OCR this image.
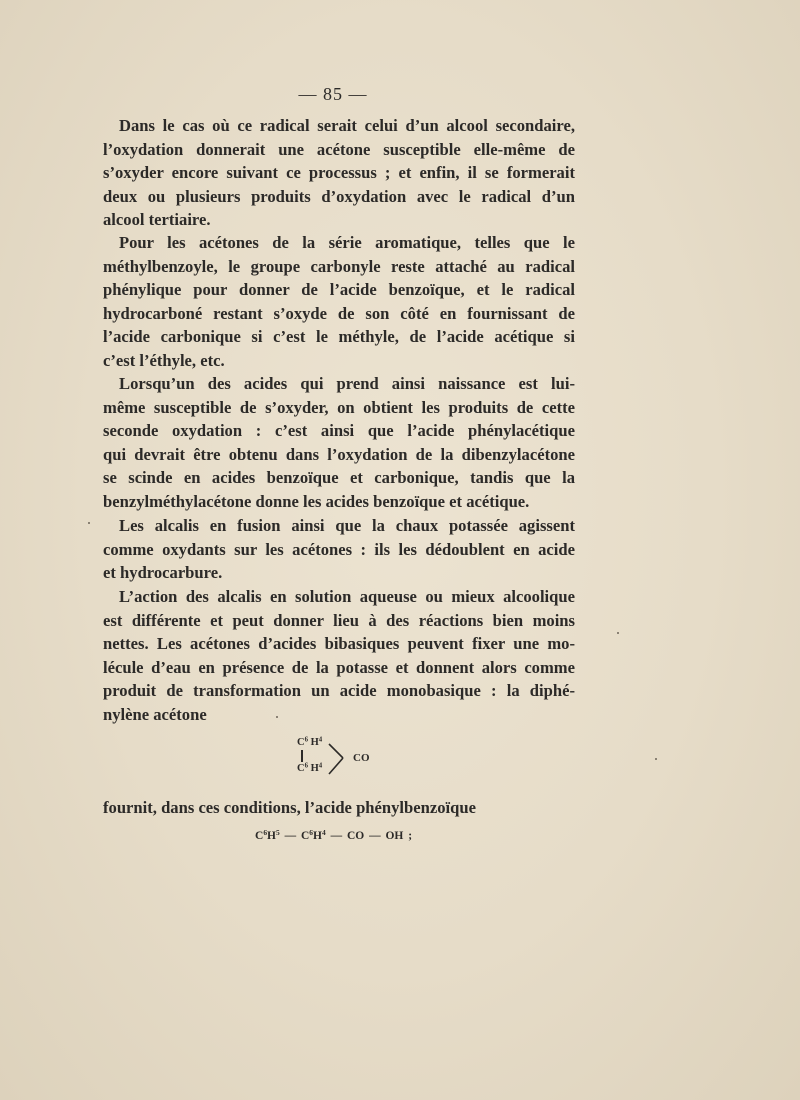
— 85 —
Dans le cas où ce radical serait celui d’un alcool secondaire,
l’oxydation donnerait une acétone susceptible elle-même de
s’oxyder encore suivant ce processus ; et enfin, il se formerait
deux ou plusieurs produits d’oxydation avec le radical d’un
alcool tertiaire.
Pour les acétones de la série aromatique, telles que le
méthylbenzoyle, le groupe carbonyle reste attaché au radical
phénylique pour donner de l’acide benzoïque, et le radical
hydrocarboné restant s’oxyde de son côté en fournissant de
l’acide carbonique si c’est le méthyle, de l’acide acétique si
c’est l’éthyle, etc.
Lorsqu’un des acides qui prend ainsi naissance est lui-
même susceptible de s’oxyder, on obtient les produits de cette
seconde oxydation : c’est ainsi que l’acide phénylacétique
qui devrait être obtenu dans l’oxydation de la dibenzylacétone
se scinde en acides benzoïque et carbonique, tandis que la
benzylméthylacétone donne les acides benzoïque et acétique.
Les alcalis en fusion ainsi que la chaux potassée agissent
comme oxydants sur les acétones : ils les dédoublent en acide
et hydrocarbure.
L’action des alcalis en solution aqueuse ou mieux alcoolique
est différente et peut donner lieu à des réactions bien moins
nettes. Les acétones d’acides bibasiques peuvent fixer une mo-
lécule d’eau en présence de la potasse et donnent alors comme
produit de transformation un acide monobasique : la diphé-
nylène acétone
$C^6$ $H^4$
$C^6$ $H^4$
CO
fournit, dans ces conditions, l’acide phénylbenzoïque
$C^6H^5$ — $C^6H^4$ — CO — OH ;
